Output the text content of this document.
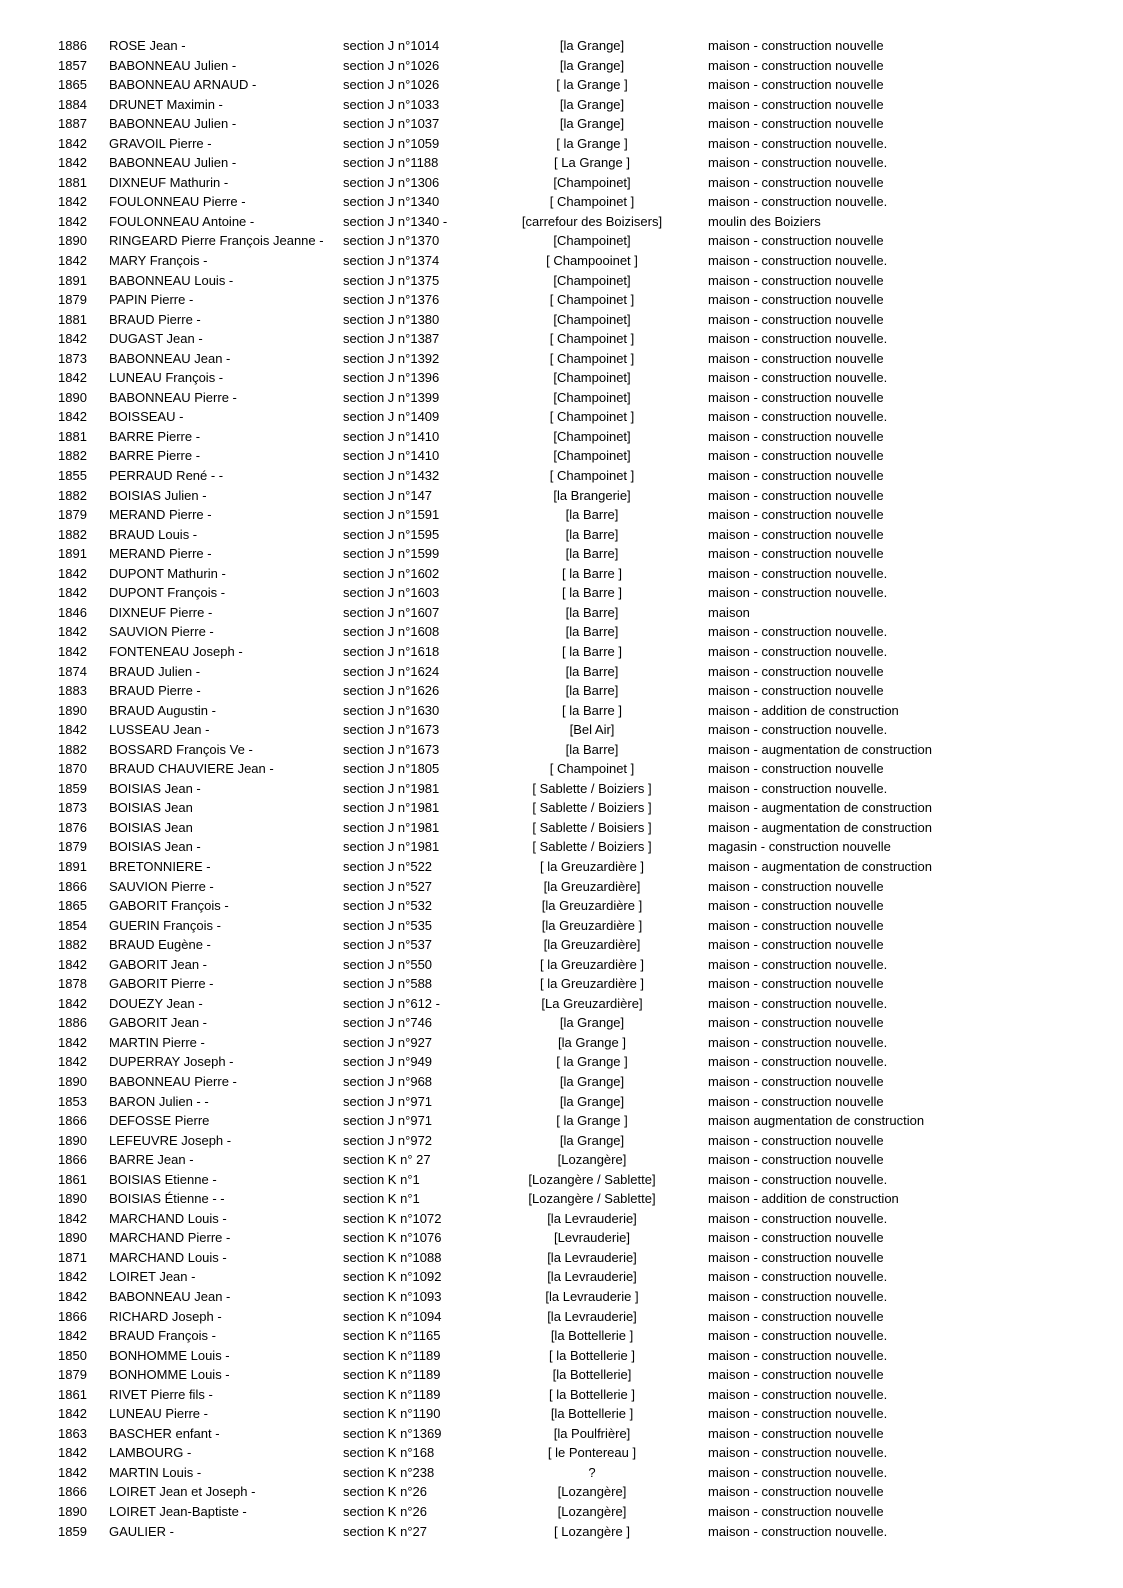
1886 ROSE Jean -	section J n°1014	[la Grange]	maison - construction nouvelle
1857 BABONNEAU Julien -	section J n°1026	[la Grange]	maison - construction nouvelle
1865 BABONNEAU ARNAUD -	section J n°1026	[ la Grange ]	maison - construction nouvelle
1884 DRUNET Maximin -	section J n°1033	[la Grange]	maison - construction nouvelle
1887 BABONNEAU Julien -	section J n°1037	[la Grange]	maison - construction nouvelle
1842 GRAVOIL Pierre -	section J n°1059	[ la Grange ]	maison - construction nouvelle.
1842 BABONNEAU Julien -	section J n°1188	[ La Grange ]	maison - construction nouvelle.
1881 DIXNEUF Mathurin -	section J n°1306	[Champoinet]	maison - construction nouvelle
1842 FOULONNEAU Pierre -	section J n°1340	[ Champoinet ]	maison - construction nouvelle.
1842 FOULONNEAU Antoine -	section J n°1340 -	[carrefour des Boizisers]	moulin des Boiziers
1890 RINGEARD Pierre François Jeanne - section J n°1370	[Champoinet]	maison - construction nouvelle
1842 MARY François -	section J n°1374	[ Champooinet ]	maison - construction nouvelle.
1891 BABONNEAU Louis -	section J n°1375	[Champoinet]	maison - construction nouvelle
1879 PAPIN Pierre -	section J n°1376	[ Champoinet ]	maison - construction nouvelle
1881 BRAUD Pierre -	section J n°1380	[Champoinet]	maison - construction nouvelle
1842 DUGAST Jean -	section J n°1387	[ Champoinet ]	maison - construction nouvelle.
1873 BABONNEAU Jean -	section J n°1392	[ Champoinet ]	maison - construction nouvelle
1842 LUNEAU François -	section J n°1396	[Champoinet]	maison - construction nouvelle.
1890 BABONNEAU Pierre -	section J n°1399	[Champoinet]	maison - construction nouvelle
1842 BOISSEAU -	section J n°1409	[ Champoinet ]	maison - construction nouvelle.
1881 BARRE Pierre -	section J n°1410	[Champoinet]	maison - construction nouvelle
1882 BARRE Pierre -	section J n°1410	[Champoinet]	maison - construction nouvelle
1855 PERRAUD René - -	section J n°1432	[ Champoinet ]	maison - construction nouvelle
1882 BOISIAS Julien -	section J n°147	[la Brangerie]	maison - construction nouvelle
1879 MERAND Pierre -	section J n°1591	[la Barre]	maison - construction nouvelle
1882 BRAUD Louis -	section J n°1595	[la Barre]	maison - construction nouvelle
1891 MERAND Pierre -	section J n°1599	[la Barre]	maison - construction nouvelle
1842 DUPONT Mathurin -	section J n°1602	[ la Barre ]	maison - construction nouvelle.
1842 DUPONT François -	section J n°1603	[ la Barre ]	maison - construction nouvelle.
1846 DIXNEUF Pierre -	section J n°1607	[la Barre]	maison
1842 SAUVION Pierre -	section J n°1608	[la Barre]	maison - construction nouvelle.
1842 FONTENEAU Joseph -	section J n°1618	[ la Barre ]	maison - construction nouvelle.
1874 BRAUD Julien -	section J n°1624	[la Barre]	maison - construction nouvelle
1883 BRAUD Pierre -	section J n°1626	[la Barre]	maison - construction nouvelle
1890 BRAUD Augustin -	section J n°1630	[ la Barre ]	maison - addition de construction
1842 LUSSEAU Jean -	section J n°1673	[Bel Air]	maison - construction nouvelle.
1882 BOSSARD François Ve -	section J n°1673	[la Barre]	maison - augmentation de construction
1870 BRAUD CHAUVIERE Jean -	section J n°1805	[ Champoinet ]	maison - construction nouvelle
1859 BOISIAS Jean -	section J n°1981	[ Sablette / Boiziers ]	maison - construction nouvelle.
1873 BOISIAS Jean	section J n°1981	[ Sablette / Boiziers ]	maison - augmentation de construction
1876 BOISIAS Jean	section J n°1981	[ Sablette / Boisiers ]	maison - augmentation de construction
1879 BOISIAS Jean -	section J n°1981	[ Sablette / Boiziers ]	magasin - construction nouvelle
1891 BRETONNIERE -	section J n°522	[ la Greuzardière ]	maison - augmentation de construction
1866 SAUVION Pierre -	section J n°527	[la Greuzardière]	maison - construction nouvelle
1865 GABORIT François -	section J n°532	[la Greuzardière ]	maison - construction nouvelle
1854 GUERIN François -	section J n°535	[la Greuzardière ]	maison - construction nouvelle
1882 BRAUD Eugène -	section J n°537	[la Greuzardière]	maison - construction nouvelle
1842 GABORIT Jean -	section J n°550	[ la Greuzardière ]	maison - construction nouvelle.
1878 GABORIT Pierre -	section J n°588	[ la Greuzardière ]	maison - construction nouvelle
1842 DOUEZY Jean -	section J n°612 -	[La Greuzardière]	maison - construction nouvelle.
1886 GABORIT Jean -	section J n°746	[la Grange]	maison - construction nouvelle
1842 MARTIN Pierre -	section J n°927	[la Grange ]	maison - construction nouvelle.
1842 DUPERRAY Joseph -	section J n°949	[ la Grange ]	maison - construction nouvelle.
1890 BABONNEAU Pierre -	section J n°968	[la Grange]	maison - construction nouvelle
1853 BARON Julien - -	section J n°971	[la Grange]	maison - construction nouvelle
1866 DEFOSSE Pierre	section J n°971	[ la Grange ]	maison augmentation de construction
1890 LEFEUVRE Joseph -	section J n°972	[la Grange]	maison - construction nouvelle
1866 BARRE Jean -	section K n° 27	[Lozangère]	maison - construction nouvelle
1861 BOISIAS Etienne -	section K n°1	[Lozangère / Sablette]	maison - construction nouvelle.
1890 BOISIAS Étienne - -	section K n°1	[Lozangère / Sablette]	maison - addition de construction
1842 MARCHAND Louis -	section K n°1072	[la Levrauderie]	maison - construction nouvelle.
1890 MARCHAND Pierre -	section K n°1076	[Levrauderie]	maison - construction nouvelle
1871 MARCHAND Louis -	section K n°1088	[la Levrauderie]	maison - construction nouvelle
1842 LOIRET Jean -	section K n°1092	[la Levrauderie]	maison - construction nouvelle.
1842 BABONNEAU Jean -	section K n°1093	[la Levrauderie ]	maison - construction nouvelle.
1866 RICHARD Joseph -	section K n°1094	[la Levrauderie]	maison - construction nouvelle
1842 BRAUD François -	section K n°1165	[la Bottellerie ]	maison - construction nouvelle.
1850 BONHOMME Louis -	section K n°1189	[ la Bottellerie ]	maison - construction nouvelle.
1879 BONHOMME Louis -	section K n°1189	[la Bottellerie]	maison - construction nouvelle
1861 RIVET Pierre fils -	section K n°1189	[ la Bottellerie ]	maison - construction nouvelle.
1842 LUNEAU Pierre -	section K n°1190	[la Bottellerie ]	maison - construction nouvelle.
1863 BASCHER enfant -	section K n°1369	[la Poulfrière]	maison - construction nouvelle
1842 LAMBOURG -	section K n°168	[ le Pontereau ]	maison - construction nouvelle.
1842 MARTIN Louis -	section K n°238	?	maison - construction nouvelle.
1866 LOIRET Jean et Joseph -	section K n°26	[Lozangère]	maison - construction nouvelle
1890 LOIRET Jean-Baptiste -	section K n°26	[Lozangère]	maison - construction nouvelle
1859 GAULIER -	section K n°27	[ Lozangère ]	maison - construction nouvelle.
